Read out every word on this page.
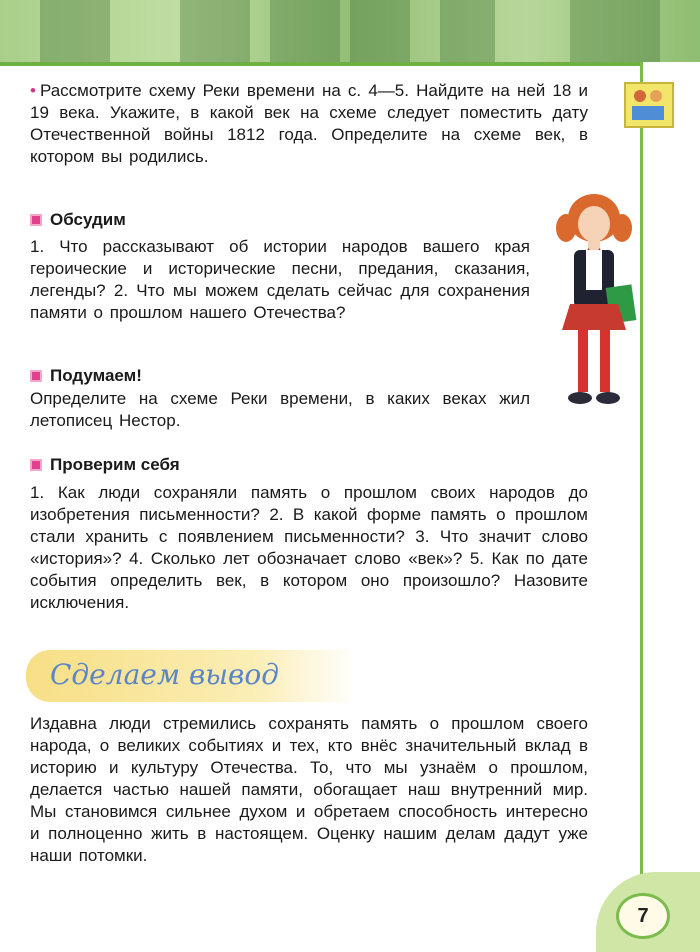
• Рассмотрите схему Реки времени на с. 4—5. Найдите на ней 18 и 19 века. Укажите, в какой век на схеме следует поместить дату Отечественной войны 1812 года. Определите на схеме век, в котором вы родились.

Обсудим
1. Что рассказывают об истории народов вашего края героические и исторические песни, предания, сказания, легенды? 2. Что мы можем сделать сейчас для сохранения памяти о прошлом нашего Отечества?
Подумаем!
Определите на схеме Реки времени, в каких веках жил летописец Нестор.
Проверим себя
1. Как люди сохраняли память о прошлом своих народов до изобретения письменности? 2. В какой форме память о прошлом стали хранить с появлением письменности? 3. Что значит слово «история»? 4. Сколько лет обозначает слово «век»? 5. Как по дате события определить век, в котором оно произошло? Назовите исключения.
Сделаем вывод
Издавна люди стремились сохранять память о прошлом своего народа, о великих событиях и тех, кто внёс значительный вклад в историю и культуру Отечества. То, что мы узнаём о прошлом, делается частью нашей памяти, обогащает наш внутренний мир. Мы становимся сильнее духом и обретаем способность интересно и полноценно жить в настоящем. Оценку нашим делам дадут уже наши потомки.
7
